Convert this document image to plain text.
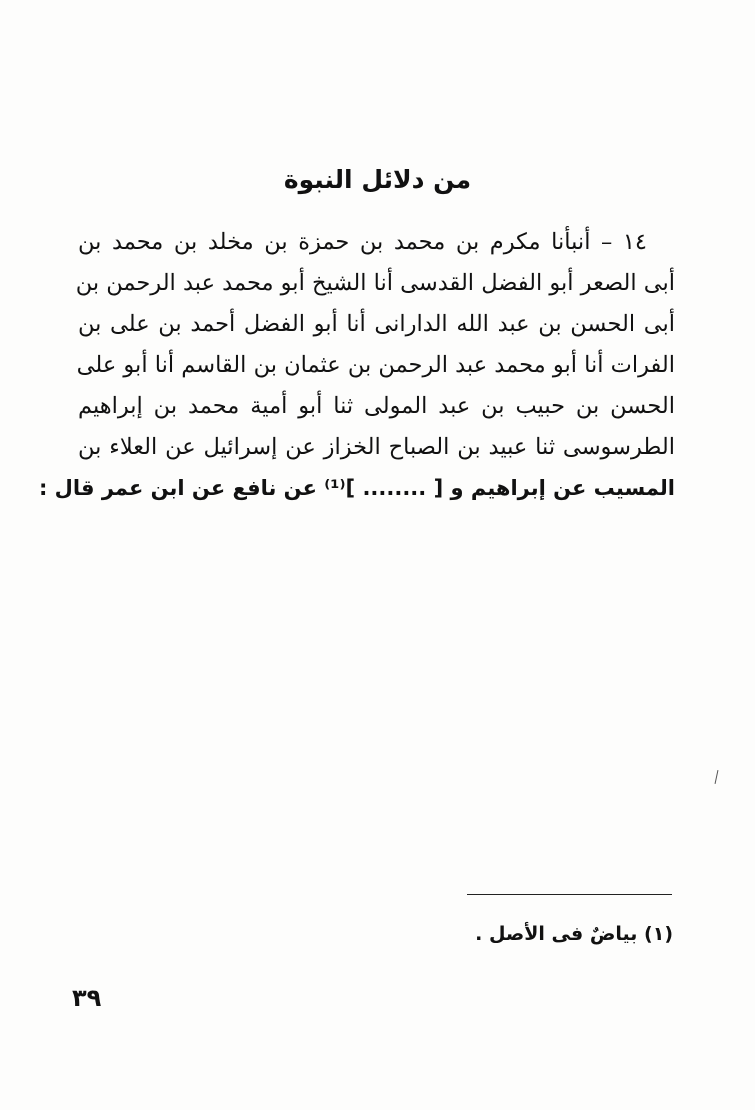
من دلائل النبوة
١٤ – أنبأنا مكرم بن محمد بن حمزة بن مخلد بن محمد بن
أبى الصعر أبو الفضل القدسى أنا الشيخ أبو محمد عبد الرحمن بن
أبى الحسن بن عبد الله الدارانى أنا أبو الفضل أحمد بن على بن
الفرات أنا أبو محمد عبد الرحمن بن عثمان بن القاسم أنا أبو على
الحسن بن حبيب بن عبد المولى ثنا أبو أمية محمد بن إبراهيم
الطرسوسى ثنا عبيد بن الصباح الخزاز عن إسرائيل عن العلاء بن
المسيب عن إبراهيم و [ ........ ]⁽¹⁾ عن نافع عن ابن عمر قال :
(١) بياضٌ فى الأصل .
٣٩
